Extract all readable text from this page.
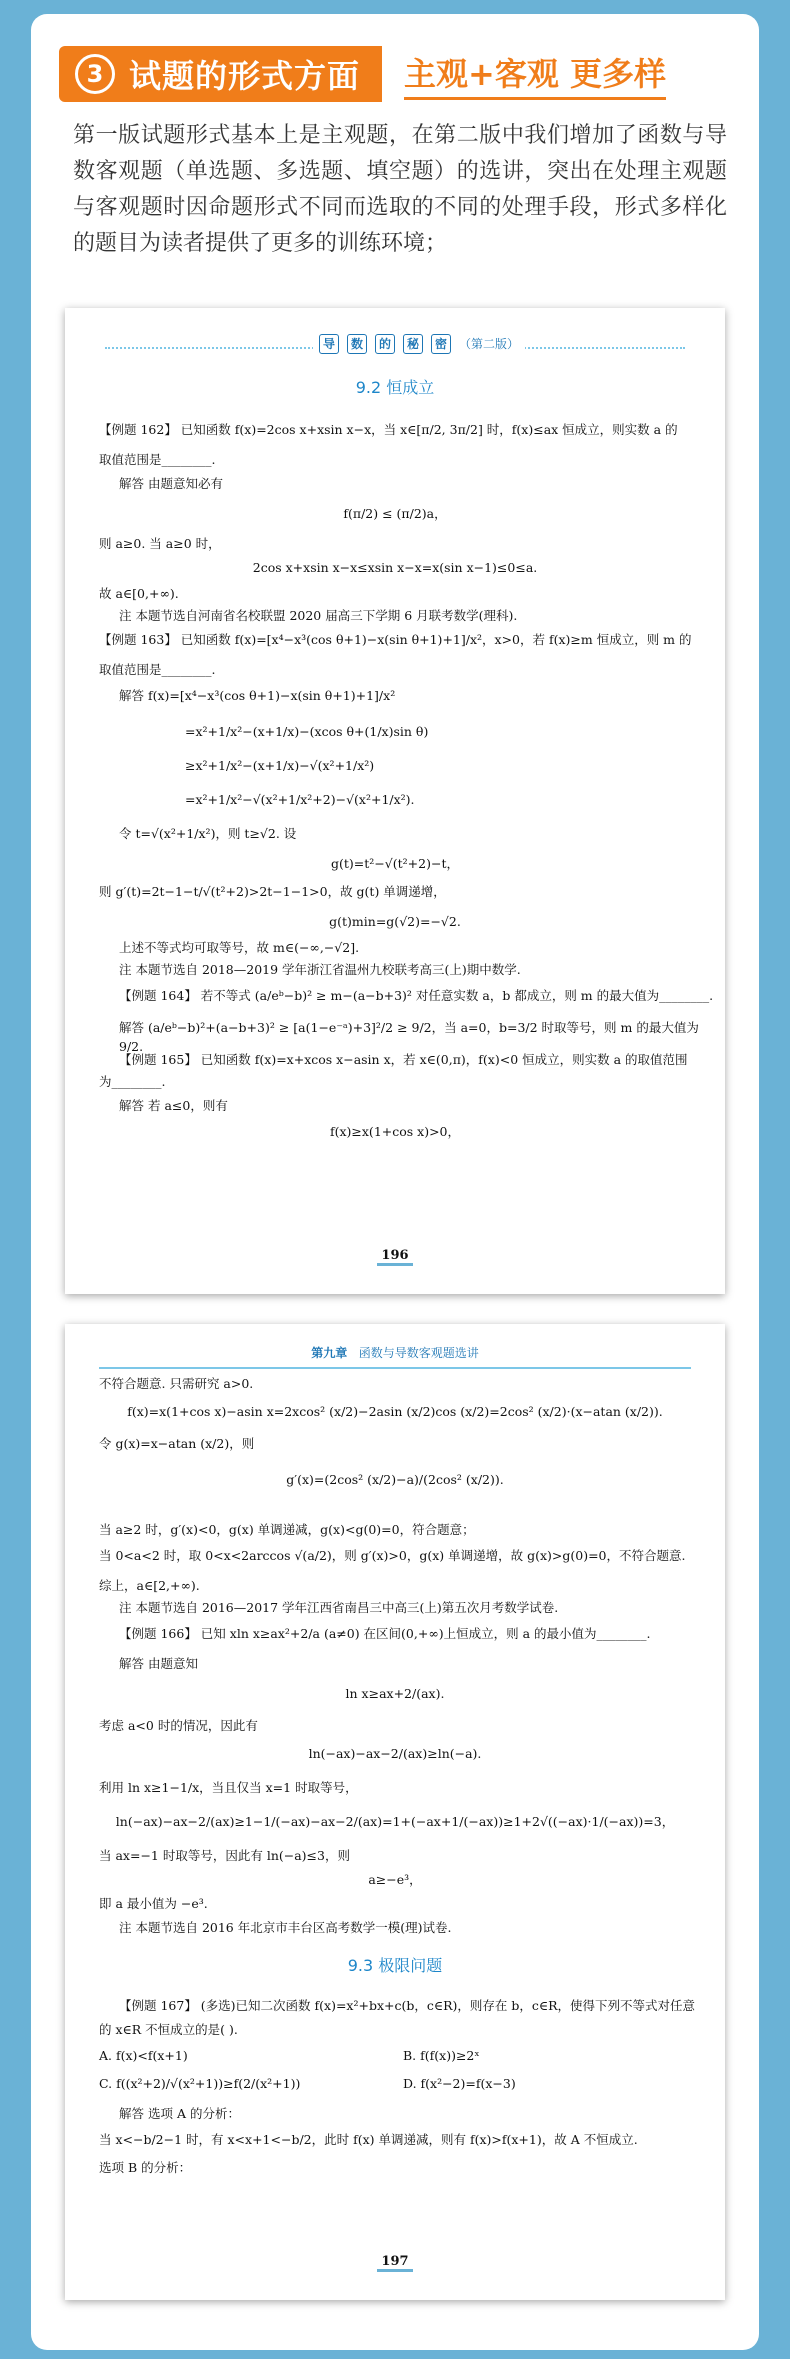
3 试题的形式方面 主观+客观 更多样
第一版试题形式基本上是主观题，在第二版中我们增加了函数与导数客观题（单选题、多选题、填空题）的选讲，突出在处理主观题与客观题时因命题形式不同而选取的不同的处理手段，形式多样化的题目为读者提供了更多的训练环境；
导	数	的	秘	密	（第二版）
9.2 恒成立
【例题 162】 已知函数 f(x)=2cos x+xsin x−x，当 x∈[π/2, 3π/2] 时，f(x)≤ax 恒成立，则实数 a 的
取值范围是________.
解答 由题意知必有
f(π/2) ≤ (π/2)a，
则 a≥0. 当 a≥0 时，
2cos x+xsin x−x≤xsin x−x=x(sin x−1)≤0≤a.
故 a∈[0,+∞).
注 本题节选自河南省名校联盟 2020 届高三下学期 6 月联考数学(理科).
【例题 163】 已知函数 f(x)=[x⁴−x³(cos θ+1)−x(sin θ+1)+1]/x²，x>0，若 f(x)≥m 恒成立，则 m 的
取值范围是________.
解答 f(x)=[x⁴−x³(cos θ+1)−x(sin θ+1)+1]/x²
=x²+1/x²−(x+1/x)−(xcos θ+(1/x)sin θ)
≥x²+1/x²−(x+1/x)−√(x²+1/x²)
=x²+1/x²−√(x²+1/x²+2)−√(x²+1/x²).
令 t=√(x²+1/x²)，则 t≥√2. 设
g(t)=t²−√(t²+2)−t，
则 g′(t)=2t−1−t/√(t²+2)>2t−1−1>0，故 g(t) 单调递增，
g(t)min=g(√2)=−√2.
上述不等式均可取等号，故 m∈(−∞,−√2].
注 本题节选自 2018—2019 学年浙江省温州九校联考高三(上)期中数学.
【例题 164】 若不等式 (a/eᵇ−b)² ≥ m−(a−b+3)² 对任意实数 a，b 都成立，则 m 的最大值为________.
解答 (a/eᵇ−b)²+(a−b+3)² ≥ [a(1−e⁻ᵃ)+3]²/2 ≥ 9/2，当 a=0，b=3/2 时取等号，则 m 的最大值为 9/2.
【例题 165】 已知函数 f(x)=x+xcos x−asin x，若 x∈(0,π)，f(x)<0 恒成立，则实数 a 的取值范围
为________.
解答 若 a≤0，则有
f(x)≥x(1+cos x)>0，
196
第九章 函数与导数客观题选讲
不符合题意. 只需研究 a>0.
f(x)=x(1+cos x)−asin x=2xcos² (x/2)−2asin (x/2)cos (x/2)=2cos² (x/2)·(x−atan (x/2)).
令 g(x)=x−atan (x/2)，则
g′(x)=(2cos² (x/2)−a)/(2cos² (x/2)).
当 a≥2 时，g′(x)<0，g(x) 单调递减，g(x)<g(0)=0，符合题意；
当 0<a<2 时，取 0<x<2arccos √(a/2)，则 g′(x)>0，g(x) 单调递增，故 g(x)>g(0)=0，不符合题意.
综上，a∈[2,+∞).
注 本题节选自 2016—2017 学年江西省南昌三中高三(上)第五次月考数学试卷.
【例题 166】 已知 xln x≥ax²+2/a (a≠0) 在区间(0,+∞)上恒成立，则 a 的最小值为________.
解答 由题意知
ln x≥ax+2/(ax).
考虑 a<0 时的情况，因此有
ln(−ax)−ax−2/(ax)≥ln(−a).
利用 ln x≥1−1/x，当且仅当 x=1 时取等号，
ln(−ax)−ax−2/(ax)≥1−1/(−ax)−ax−2/(ax)=1+(−ax+1/(−ax))≥1+2√((−ax)·1/(−ax))=3，
当 ax=−1 时取等号，因此有 ln(−a)≤3，则
a≥−e³，
即 a 最小值为 −e³.
注 本题节选自 2016 年北京市丰台区高考数学一模(理)试卷.
9.3 极限问题
【例题 167】 (多选)已知二次函数 f(x)=x²+bx+c(b，c∈R)，则存在 b，c∈R，使得下列不等式对任意
的 x∈R 不恒成立的是( ).
A. f(x)<f(x+1)	B. f(f(x))≥2ˣ
C. f((x²+2)/√(x²+1))≥f(2/(x²+1))	D. f(x²−2)=f(x−3)
解答 选项 A 的分析：
当 x<−b/2−1 时，有 x<x+1<−b/2，此时 f(x) 单调递减，则有 f(x)>f(x+1)，故 A 不恒成立.
选项 B 的分析：
197
